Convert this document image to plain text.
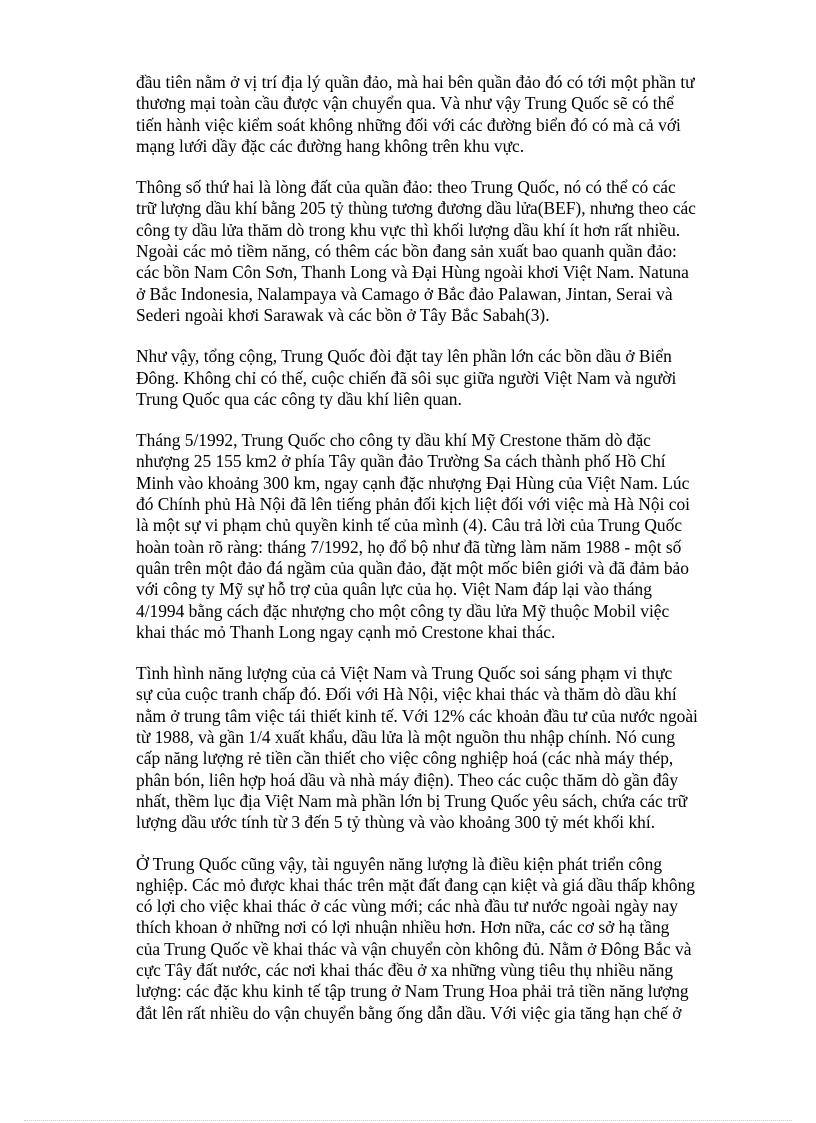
đầu tiên nằm ở vị trí địa lý quần đảo, mà hai bên quần đảo đó có tới một phần tư
thương mại toàn cầu được vận chuyển qua. Và như vậy Trung Quốc sẽ có thể
tiến hành việc kiểm soát không những đối với các đường biển đó có mà cả với
mạng lưới dầy đặc các đường hang không trên khu vực.

Thông số thứ hai là lòng đất của quần đảo: theo Trung Quốc, nó có thể có các
trữ lượng dầu khí bằng 205 tỷ thùng tương đương dầu lửa(BEF), nhưng theo các
công ty dầu lửa thăm dò trong khu vực thì khối lượng dầu khí ít hơn rất nhiều.
Ngoài các mỏ tiềm năng, có thêm các bồn đang sản xuất bao quanh quần đảo:
các bồn Nam Côn Sơn, Thanh Long và Đại Hùng ngoài khơi Việt Nam. Natuna
ở Bắc Indonesia, Nalampaya và Camago ở Bắc đảo Palawan, Jintan, Serai và
Sederi ngoài khơi Sarawak và các bồn ở Tây Bắc Sabah(3).

Như vậy, tổng cộng, Trung Quốc đòi đặt tay lên phần lớn các bồn dầu ở Biển
Đông. Không chỉ có thế, cuộc chiến đã sôi sục giữa người Việt Nam và người
Trung Quốc qua các công ty dầu khí liên quan.

Tháng 5/1992, Trung Quốc cho công ty dầu khí Mỹ Crestone thăm dò đặc
nhượng 25 155 km2 ở phía Tây quần đảo Trường Sa cách thành phố Hồ Chí
Minh vào khoảng 300 km, ngay cạnh đặc nhượng Đại Hùng của Việt Nam. Lúc
đó Chính phủ Hà Nội đã lên tiếng phản đối kịch liệt đối với việc mà Hà Nội coi
là một sự vi phạm chủ quyền kinh tế của mình (4). Câu trả lời của Trung Quốc
hoàn toàn rõ ràng: tháng 7/1992, họ đổ bộ như đã từng làm năm 1988 - một số
quân trên một đảo đá ngầm của quần đảo, đặt một mốc biên giới và đã đảm bảo
với công ty Mỹ sự hỗ trợ của quân lực của họ. Việt Nam đáp lại vào tháng
4/1994 bằng cách đặc nhượng cho một công ty dầu lửa Mỹ thuộc Mobil việc
khai thác mỏ Thanh Long ngay cạnh mỏ Crestone khai thác.

Tình hình năng lượng của cả Việt Nam và Trung Quốc soi sáng phạm vi thực
sự của cuộc tranh chấp đó. Đối với Hà Nội, việc khai thác và thăm dò dầu khí
nằm ở trung tâm việc tái thiết kinh tế. Với 12% các khoản đầu tư của nước ngoài
từ 1988, và gần 1/4 xuất khẩu, dầu lửa là một nguồn thu nhập chính. Nó cung
cấp năng lượng rẻ tiền cần thiết cho việc công nghiệp hoá (các nhà máy thép,
phân bón, liên hợp hoá dầu và nhà máy điện). Theo các cuộc thăm dò gần đây
nhất, thềm lục địa Việt Nam mà phần lớn bị Trung Quốc yêu sách, chứa các trữ
lượng dầu ước tính từ 3 đến 5 tỷ thùng và vào khoảng 300 tỷ mét khối khí.

Ở Trung Quốc cũng vậy, tài nguyên năng lượng là điều kiện phát triển công
nghiệp. Các mỏ được khai thác trên mặt đất đang cạn kiệt và giá dầu thấp không
có lợi cho việc khai thác ở các vùng mới; các nhà đầu tư nước ngoài ngày nay
thích khoan ở những nơi có lợi nhuận nhiều hơn. Hơn nữa, các cơ sở hạ tầng
của Trung Quốc về khai thác và vận chuyển còn không đủ. Nằm ở Đông Bắc và
cực Tây đất nước, các nơi khai thác đều ở xa những vùng tiêu thụ nhiều năng
lượng: các đặc khu kinh tế tập trung ở Nam Trung Hoa phải trả tiền năng lượng
đắt lên rất nhiều do vận chuyển bằng ống dẫn dầu. Với việc gia tăng hạn chế ở
